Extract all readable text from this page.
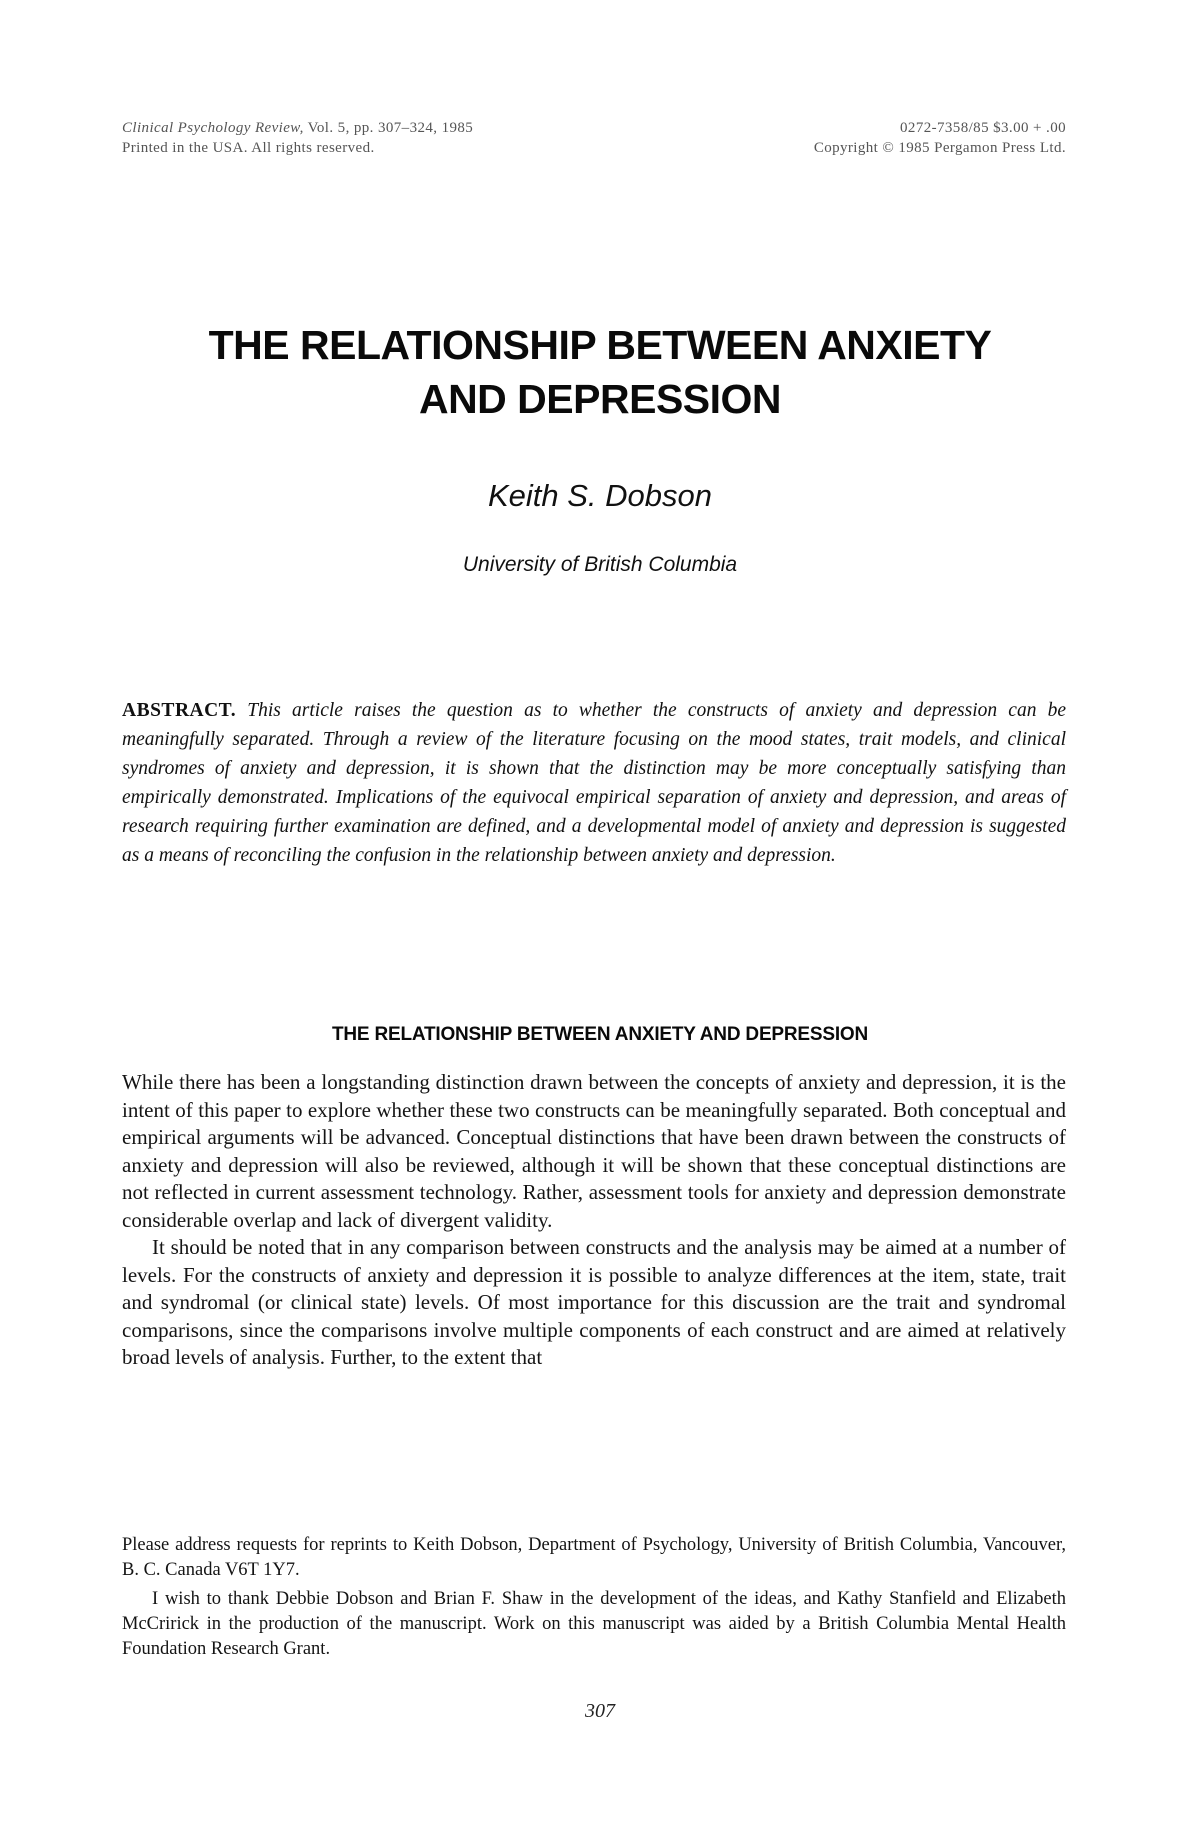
Clinical Psychology Review, Vol. 5, pp. 307–324, 1985
Printed in the USA. All rights reserved.
0272-7358/85 $3.00 + .00
Copyright © 1985 Pergamon Press Ltd.
THE RELATIONSHIP BETWEEN ANXIETY
AND DEPRESSION
Keith S. Dobson
University of British Columbia
ABSTRACT. This article raises the question as to whether the constructs of anxiety and depression can be meaningfully separated. Through a review of the literature focusing on the mood states, trait models, and clinical syndromes of anxiety and depression, it is shown that the distinction may be more conceptually satisfying than empirically demonstrated. Implications of the equivocal empirical separation of anxiety and depression, and areas of research requiring further examination are defined, and a developmental model of anxiety and depression is suggested as a means of reconciling the confusion in the relationship between anxiety and depression.
THE RELATIONSHIP BETWEEN ANXIETY AND DEPRESSION

While there has been a longstanding distinction drawn between the concepts of anxiety and depression, it is the intent of this paper to explore whether these two constructs can be meaningfully separated. Both conceptual and empirical arguments will be advanced. Conceptual distinctions that have been drawn between the constructs of anxiety and depression will also be reviewed, although it will be shown that these conceptual distinctions are not reflected in current assessment technology. Rather, assessment tools for anxiety and depression demonstrate considerable overlap and lack of divergent validity.

It should be noted that in any comparison between constructs and the analysis may be aimed at a number of levels. For the constructs of anxiety and depression it is possible to analyze differences at the item, state, trait and syndromal (or clinical state) levels. Of most importance for this discussion are the trait and syndromal comparisons, since the comparisons involve multiple components of each construct and are aimed at relatively broad levels of analysis. Further, to the extent that

Please address requests for reprints to Keith Dobson, Department of Psychology, University of British Columbia, Vancouver, B. C. Canada V6T 1Y7.

I wish to thank Debbie Dobson and Brian F. Shaw in the development of the ideas, and Kathy Stanfield and Elizabeth McCririck in the production of the manuscript. Work on this manuscript was aided by a British Columbia Mental Health Foundation Research Grant.

307
